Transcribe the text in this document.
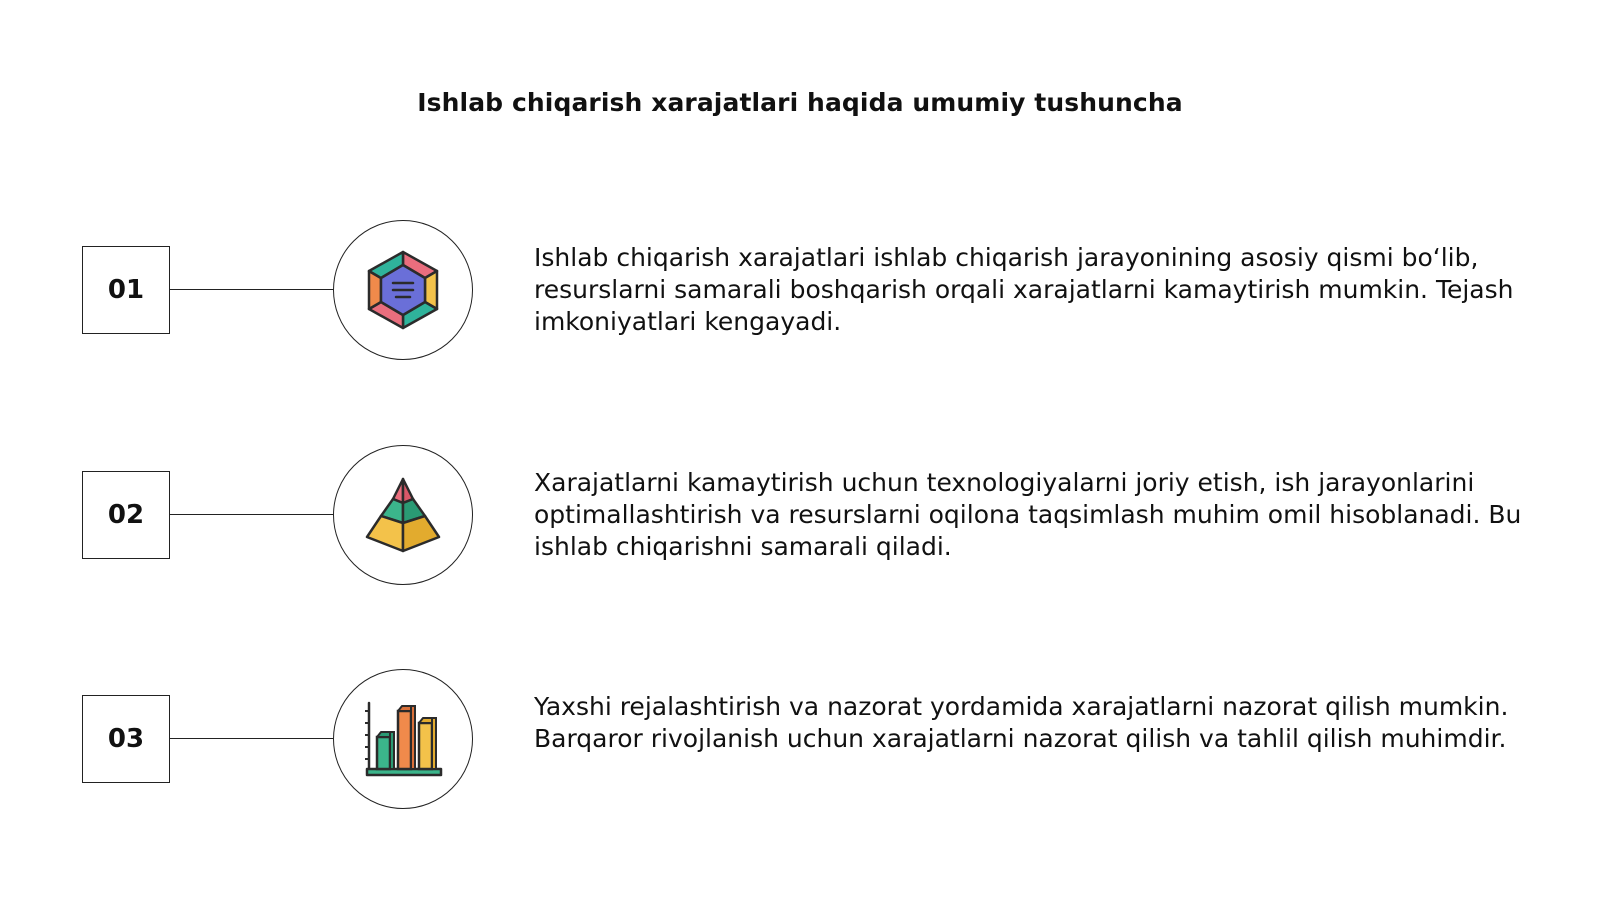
Ishlab chiqarish xarajatlari haqida umumiy tushuncha
01
Ishlab chiqarish xarajatlari ishlab chiqarish jarayonining asosiy qismi bo‘lib, resurslarni samarali boshqarish orqali xarajatlarni kamaytirish mumkin. Tejash imkoniyatlari kengayadi.
02
Xarajatlarni kamaytirish uchun texnologiyalarni joriy etish, ish jarayonlarini optimallashtirish va resurslarni oqilona taqsimlash muhim omil hisoblanadi. Bu ishlab chiqarishni samarali qiladi.
03
Yaxshi rejalashtirish va nazorat yordamida xarajatlarni nazorat qilish mumkin. Barqaror rivojlanish uchun xarajatlarni nazorat qilish va tahlil qilish muhimdir.
